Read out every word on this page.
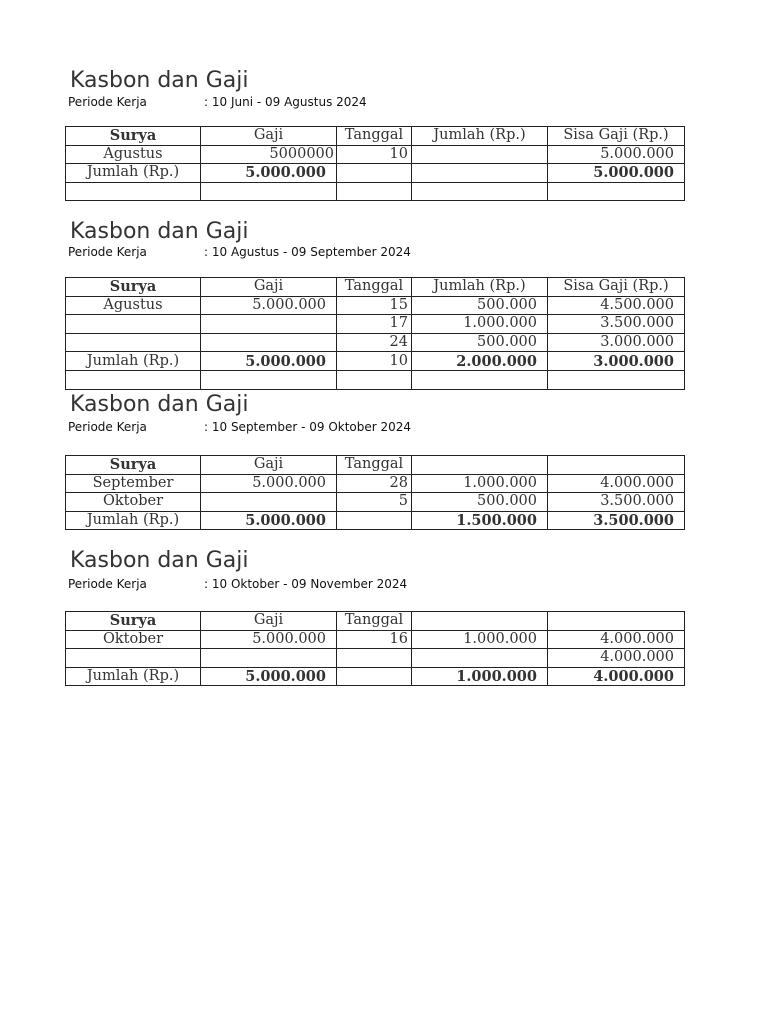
Kasbon dan Gaji
Periode Kerja	: 10 Juni - 09 Agustus 2024
Surya	Gaji	Tanggal	Jumlah (Rp.)	Sisa Gaji (Rp.)
Agustus	5000000	10		5.000.000
Jumlah (Rp.)	5.000.000			5.000.000

Kasbon dan Gaji
Periode Kerja	: 10 Agustus - 09 September 2024
Surya	Gaji	Tanggal	Jumlah (Rp.)	Sisa Gaji (Rp.)
Agustus	5.000.000	15	500.000	4.500.000
		17	1.000.000	3.500.000
		24	500.000	3.000.000
Jumlah (Rp.)	5.000.000	10	2.000.000	3.000.000

Kasbon dan Gaji
Periode Kerja	: 10 September - 09 Oktober 2024
Surya	Gaji	Tanggal		
September	5.000.000	28	1.000.000	4.000.000
Oktober		5	500.000	3.500.000
Jumlah (Rp.)	5.000.000		1.500.000	3.500.000
Kasbon dan Gaji
Periode Kerja	: 10 Oktober - 09 November 2024
Surya	Gaji	Tanggal		
Oktober	5.000.000	16	1.000.000	4.000.000
				4.000.000
Jumlah (Rp.)	5.000.000		1.000.000	4.000.000
